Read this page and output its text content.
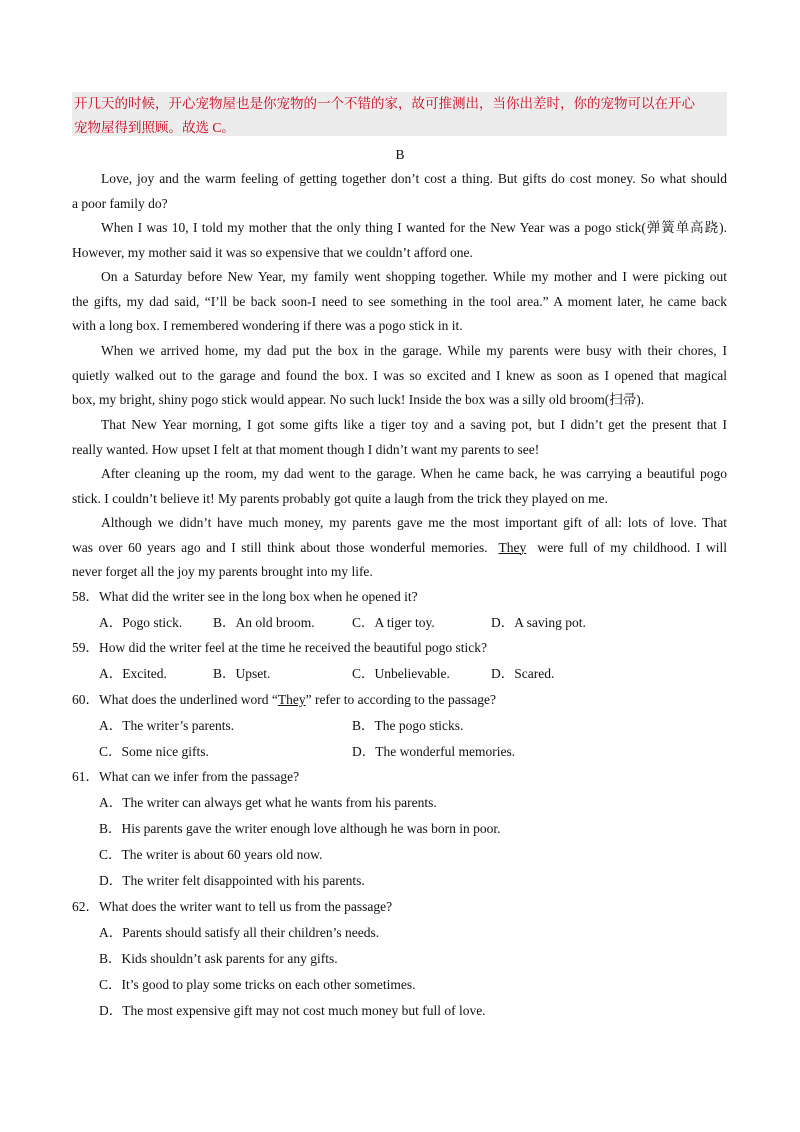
开几天的时候，开心宠物屋也是你宠物的一个不错的家，故可推测出，当你出差时，你的宠物可以在开心
宠物屋得到照顾。故选 C。
B
Love, joy and the warm feeling of getting together don’t cost a thing. But gifts do cost money. So what should
a poor family do?
When I was 10, I told my mother that the only thing I wanted for the New Year was a pogo stick(弹簧单高跷).
However, my mother said it was so expensive that we couldn’t afford one.
On a Saturday before New Year, my family went shopping together. While my mother and I were picking out
the gifts, my dad said, “I’ll be back soon-I need to see something in the tool area.” A moment later, he came back
with a long box. I remembered wondering if there was a pogo stick in it.
When we arrived home, my dad put the box in the garage. While my parents were busy with their chores, I
quietly walked out to the garage and found the box. I was so excited and I knew as soon as I opened that magical
box, my bright, shiny pogo stick would appear. No such luck! Inside the box was a silly old broom(扫帚).
That New Year morning, I got some gifts like a tiger toy and a saving pot, but I didn’t get the present that I
really wanted. How upset I felt at that moment though I didn’t want my parents to see!
After cleaning up the room, my dad went to the garage. When he came back, he was carrying a beautiful pogo
stick. I couldn’t believe it! My parents probably got quite a laugh from the trick they played on me.
Although we didn’t have much money, my parents gave me the most important gift of all: lots of love. That
was over 60 years ago and I still think about those wonderful memories. They were full of my childhood. I will
never forget all the joy my parents brought into my life.
58．What did the writer see in the long box when he opened it?
A．Pogo stick. B．An old broom.	C．A tiger toy.	D．A saving pot.
59．How did the writer feel at the time he received the beautiful pogo stick?
A．Excited.	B．Upset.	C．Unbelievable.	D．Scared.
60．What does the underlined word “They” refer to according to the passage?
A．The writer’s parents.	B．The pogo sticks.
C．Some nice gifts.	D．The wonderful memories.
61．What can we infer from the passage?
A．The writer can always get what he wants from his parents.
B．His parents gave the writer enough love although he was born in poor.
C．The writer is about 60 years old now.
D．The writer felt disappointed with his parents.
62．What does the writer want to tell us from the passage?
A．Parents should satisfy all their children’s needs.
B．Kids shouldn’t ask parents for any gifts.
C．It’s good to play some tricks on each other sometimes.
D．The most expensive gift may not cost much money but full of love.
